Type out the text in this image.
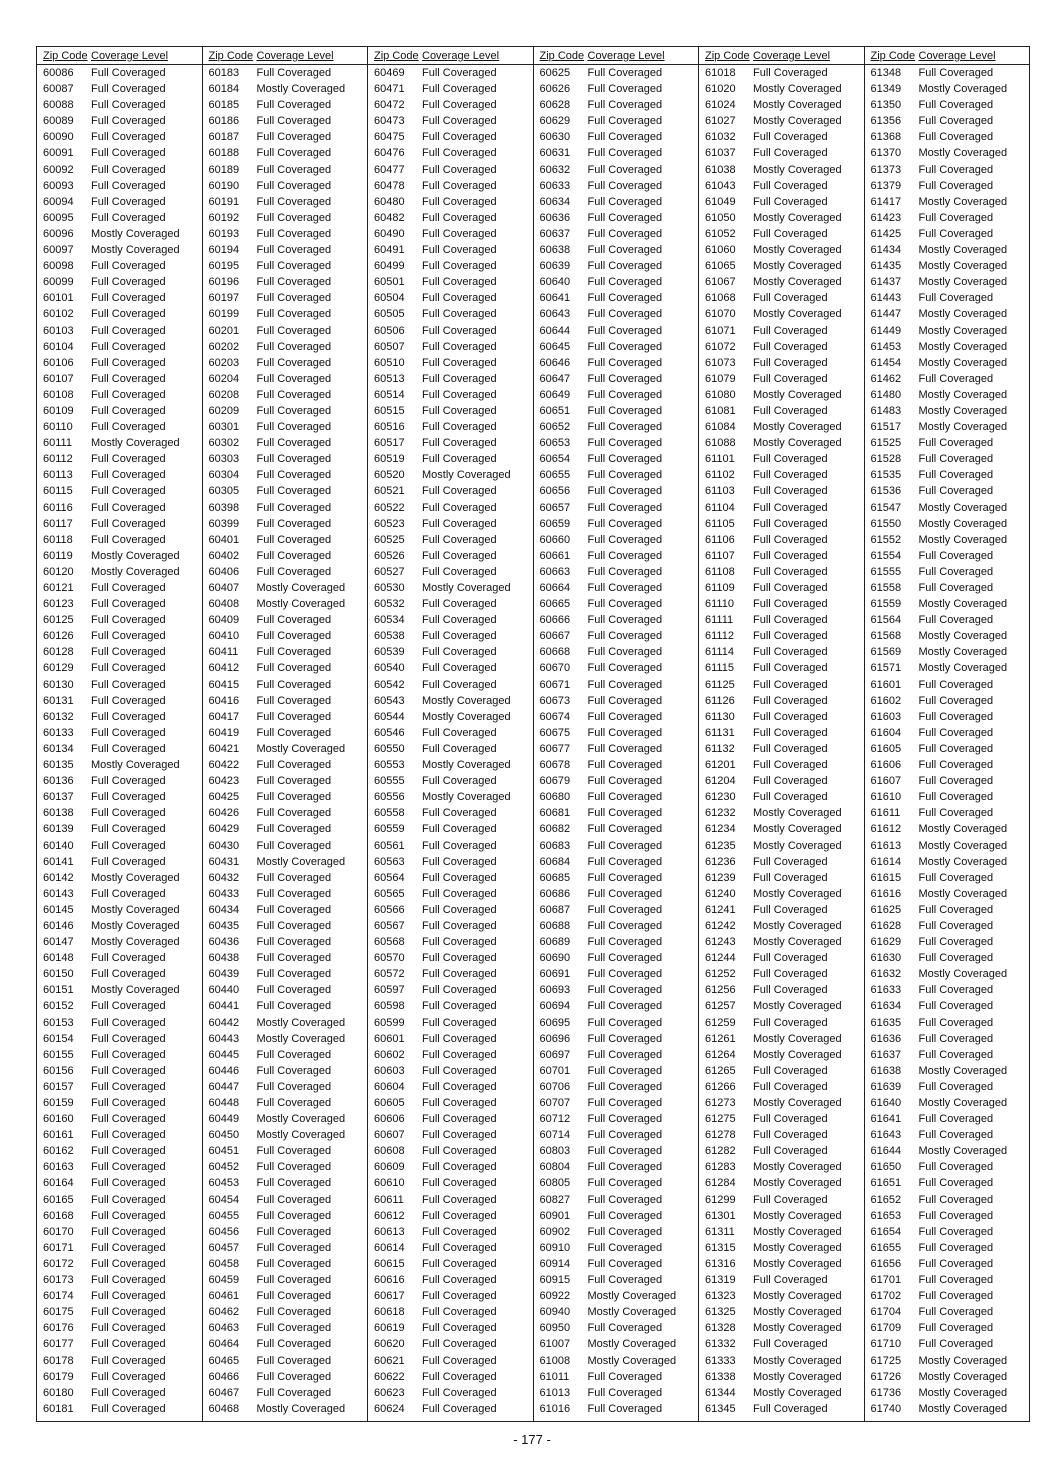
Zip Code Coverage Level
60086	Full Coveraged
60087	Full Coveraged
60088	Full Coveraged
60089	Full Coveraged
60090	Full Coveraged
60091	Full Coveraged
60092	Full Coveraged
60093	Full Coveraged
60094	Full Coveraged
60095	Full Coveraged
60096	Mostly Coveraged
60097	Mostly Coveraged
60098	Full Coveraged
60099	Full Coveraged
60101	Full Coveraged
60102	Full Coveraged
60103	Full Coveraged
60104	Full Coveraged
60106	Full Coveraged
60107	Full Coveraged
60108	Full Coveraged
60109	Full Coveraged
60110	Full Coveraged
60111	Mostly Coveraged
60112	Full Coveraged
60113	Full Coveraged
60115	Full Coveraged
60116	Full Coveraged
60117	Full Coveraged
60118	Full Coveraged
60119	Mostly Coveraged
60120	Mostly Coveraged
60121	Full Coveraged
60123	Full Coveraged
60125	Full Coveraged
60126	Full Coveraged
60128	Full Coveraged
60129	Full Coveraged
60130	Full Coveraged
60131	Full Coveraged
60132	Full Coveraged
60133	Full Coveraged
60134	Full Coveraged
60135	Mostly Coveraged
60136	Full Coveraged
60137	Full Coveraged
60138	Full Coveraged
60139	Full Coveraged
60140	Full Coveraged
60141	Full Coveraged
60142	Mostly Coveraged
60143	Full Coveraged
60145	Mostly Coveraged
60146	Mostly Coveraged
60147	Mostly Coveraged
60148	Full Coveraged
60150	Full Coveraged
60151	Mostly Coveraged
60152	Full Coveraged
60153	Full Coveraged
60154	Full Coveraged
60155	Full Coveraged
60156	Full Coveraged
60157	Full Coveraged
60159	Full Coveraged
60160	Full Coveraged
60161	Full Coveraged
60162	Full Coveraged
60163	Full Coveraged
60164	Full Coveraged
60165	Full Coveraged
60168	Full Coveraged
60170	Full Coveraged
60171	Full Coveraged
60172	Full Coveraged
60173	Full Coveraged
60174	Full Coveraged
60175	Full Coveraged
60176	Full Coveraged
60177	Full Coveraged
60178	Full Coveraged
60179	Full Coveraged
60180	Full Coveraged
60181	Full Coveraged
Zip Code Coverage Level
60183	Full Coveraged
60184	Mostly Coveraged
60185	Full Coveraged
60186	Full Coveraged
60187	Full Coveraged
60188	Full Coveraged
60189	Full Coveraged
60190	Full Coveraged
60191	Full Coveraged
60192	Full Coveraged
60193	Full Coveraged
60194	Full Coveraged
60195	Full Coveraged
60196	Full Coveraged
60197	Full Coveraged
60199	Full Coveraged
60201	Full Coveraged
60202	Full Coveraged
60203	Full Coveraged
60204	Full Coveraged
60208	Full Coveraged
60209	Full Coveraged
60301	Full Coveraged
60302	Full Coveraged
60303	Full Coveraged
60304	Full Coveraged
60305	Full Coveraged
60398	Full Coveraged
60399	Full Coveraged
60401	Full Coveraged
60402	Full Coveraged
60406	Full Coveraged
60407	Mostly Coveraged
60408	Mostly Coveraged
60409	Full Coveraged
60410	Full Coveraged
60411	Full Coveraged
60412	Full Coveraged
60415	Full Coveraged
60416	Full Coveraged
60417	Full Coveraged
60419	Full Coveraged
60421	Mostly Coveraged
60422	Full Coveraged
60423	Full Coveraged
60425	Full Coveraged
60426	Full Coveraged
60429	Full Coveraged
60430	Full Coveraged
60431	Mostly Coveraged
60432	Full Coveraged
60433	Full Coveraged
60434	Full Coveraged
60435	Full Coveraged
60436	Full Coveraged
60438	Full Coveraged
60439	Full Coveraged
60440	Full Coveraged
60441	Full Coveraged
60442	Mostly Coveraged
60443	Mostly Coveraged
60445	Full Coveraged
60446	Full Coveraged
60447	Full Coveraged
60448	Full Coveraged
60449	Mostly Coveraged
60450	Mostly Coveraged
60451	Full Coveraged
60452	Full Coveraged
60453	Full Coveraged
60454	Full Coveraged
60455	Full Coveraged
60456	Full Coveraged
60457	Full Coveraged
60458	Full Coveraged
60459	Full Coveraged
60461	Full Coveraged
60462	Full Coveraged
60463	Full Coveraged
60464	Full Coveraged
60465	Full Coveraged
60466	Full Coveraged
60467	Full Coveraged
60468	Mostly Coveraged
Zip Code Coverage Level
60469	Full Coveraged
60471	Full Coveraged
60472	Full Coveraged
60473	Full Coveraged
60475	Full Coveraged
60476	Full Coveraged
60477	Full Coveraged
60478	Full Coveraged
60480	Full Coveraged
60482	Full Coveraged
60490	Full Coveraged
60491	Full Coveraged
60499	Full Coveraged
60501	Full Coveraged
60504	Full Coveraged
60505	Full Coveraged
60506	Full Coveraged
60507	Full Coveraged
60510	Full Coveraged
60513	Full Coveraged
60514	Full Coveraged
60515	Full Coveraged
60516	Full Coveraged
60517	Full Coveraged
60519	Full Coveraged
60520	Mostly Coveraged
60521	Full Coveraged
60522	Full Coveraged
60523	Full Coveraged
60525	Full Coveraged
60526	Full Coveraged
60527	Full Coveraged
60530	Mostly Coveraged
60532	Full Coveraged
60534	Full Coveraged
60538	Full Coveraged
60539	Full Coveraged
60540	Full Coveraged
60542	Full Coveraged
60543	Mostly Coveraged
60544	Mostly Coveraged
60546	Full Coveraged
60550	Full Coveraged
60553	Mostly Coveraged
60555	Full Coveraged
60556	Mostly Coveraged
60558	Full Coveraged
60559	Full Coveraged
60561	Full Coveraged
60563	Full Coveraged
60564	Full Coveraged
60565	Full Coveraged
60566	Full Coveraged
60567	Full Coveraged
60568	Full Coveraged
60570	Full Coveraged
60572	Full Coveraged
60597	Full Coveraged
60598	Full Coveraged
60599	Full Coveraged
60601	Full Coveraged
60602	Full Coveraged
60603	Full Coveraged
60604	Full Coveraged
60605	Full Coveraged
60606	Full Coveraged
60607	Full Coveraged
60608	Full Coveraged
60609	Full Coveraged
60610	Full Coveraged
60611	Full Coveraged
60612	Full Coveraged
60613	Full Coveraged
60614	Full Coveraged
60615	Full Coveraged
60616	Full Coveraged
60617	Full Coveraged
60618	Full Coveraged
60619	Full Coveraged
60620	Full Coveraged
60621	Full Coveraged
60622	Full Coveraged
60623	Full Coveraged
60624	Full Coveraged
Zip Code Coverage Level
60625	Full Coveraged
60626	Full Coveraged
60628	Full Coveraged
60629	Full Coveraged
60630	Full Coveraged
60631	Full Coveraged
60632	Full Coveraged
60633	Full Coveraged
60634	Full Coveraged
60636	Full Coveraged
60637	Full Coveraged
60638	Full Coveraged
60639	Full Coveraged
60640	Full Coveraged
60641	Full Coveraged
60643	Full Coveraged
60644	Full Coveraged
60645	Full Coveraged
60646	Full Coveraged
60647	Full Coveraged
60649	Full Coveraged
60651	Full Coveraged
60652	Full Coveraged
60653	Full Coveraged
60654	Full Coveraged
60655	Full Coveraged
60656	Full Coveraged
60657	Full Coveraged
60659	Full Coveraged
60660	Full Coveraged
60661	Full Coveraged
60663	Full Coveraged
60664	Full Coveraged
60665	Full Coveraged
60666	Full Coveraged
60667	Full Coveraged
60668	Full Coveraged
60670	Full Coveraged
60671	Full Coveraged
60673	Full Coveraged
60674	Full Coveraged
60675	Full Coveraged
60677	Full Coveraged
60678	Full Coveraged
60679	Full Coveraged
60680	Full Coveraged
60681	Full Coveraged
60682	Full Coveraged
60683	Full Coveraged
60684	Full Coveraged
60685	Full Coveraged
60686	Full Coveraged
60687	Full Coveraged
60688	Full Coveraged
60689	Full Coveraged
60690	Full Coveraged
60691	Full Coveraged
60693	Full Coveraged
60694	Full Coveraged
60695	Full Coveraged
60696	Full Coveraged
60697	Full Coveraged
60701	Full Coveraged
60706	Full Coveraged
60707	Full Coveraged
60712	Full Coveraged
60714	Full Coveraged
60803	Full Coveraged
60804	Full Coveraged
60805	Full Coveraged
60827	Full Coveraged
60901	Full Coveraged
60902	Full Coveraged
60910	Full Coveraged
60914	Full Coveraged
60915	Full Coveraged
60922	Mostly Coveraged
60940	Mostly Coveraged
60950	Full Coveraged
61007	Mostly Coveraged
61008	Mostly Coveraged
61011	Full Coveraged
61013	Full Coveraged
61016	Full Coveraged
Zip Code Coverage Level
61018	Full Coveraged
61020	Mostly Coveraged
61024	Mostly Coveraged
61027	Mostly Coveraged
61032	Full Coveraged
61037	Full Coveraged
61038	Mostly Coveraged
61043	Full Coveraged
61049	Full Coveraged
61050	Mostly Coveraged
61052	Full Coveraged
61060	Mostly Coveraged
61065	Mostly Coveraged
61067	Mostly Coveraged
61068	Full Coveraged
61070	Mostly Coveraged
61071	Full Coveraged
61072	Full Coveraged
61073	Full Coveraged
61079	Full Coveraged
61080	Mostly Coveraged
61081	Full Coveraged
61084	Mostly Coveraged
61088	Mostly Coveraged
61101	Full Coveraged
61102	Full Coveraged
61103	Full Coveraged
61104	Full Coveraged
61105	Full Coveraged
61106	Full Coveraged
61107	Full Coveraged
61108	Full Coveraged
61109	Full Coveraged
61110	Full Coveraged
61111	Full Coveraged
61112	Full Coveraged
61114	Full Coveraged
61115	Full Coveraged
61125	Full Coveraged
61126	Full Coveraged
61130	Full Coveraged
61131	Full Coveraged
61132	Full Coveraged
61201	Full Coveraged
61204	Full Coveraged
61230	Full Coveraged
61232	Mostly Coveraged
61234	Mostly Coveraged
61235	Mostly Coveraged
61236	Full Coveraged
61239	Full Coveraged
61240	Mostly Coveraged
61241	Full Coveraged
61242	Mostly Coveraged
61243	Mostly Coveraged
61244	Full Coveraged
61252	Full Coveraged
61256	Full Coveraged
61257	Mostly Coveraged
61259	Full Coveraged
61261	Mostly Coveraged
61264	Mostly Coveraged
61265	Full Coveraged
61266	Full Coveraged
61273	Mostly Coveraged
61275	Full Coveraged
61278	Full Coveraged
61282	Full Coveraged
61283	Mostly Coveraged
61284	Mostly Coveraged
61299	Full Coveraged
61301	Mostly Coveraged
61311	Mostly Coveraged
61315	Mostly Coveraged
61316	Mostly Coveraged
61319	Full Coveraged
61323	Mostly Coveraged
61325	Mostly Coveraged
61328	Mostly Coveraged
61332	Full Coveraged
61333	Mostly Coveraged
61338	Mostly Coveraged
61344	Mostly Coveraged
61345	Full Coveraged
Zip Code Coverage Level
61348	Full Coveraged
61349	Mostly Coveraged
61350	Full Coveraged
61356	Full Coveraged
61368	Full Coveraged
61370	Mostly Coveraged
61373	Full Coveraged
61379	Full Coveraged
61417	Mostly Coveraged
61423	Full Coveraged
61425	Full Coveraged
61434	Mostly Coveraged
61435	Mostly Coveraged
61437	Mostly Coveraged
61443	Full Coveraged
61447	Mostly Coveraged
61449	Mostly Coveraged
61453	Mostly Coveraged
61454	Mostly Coveraged
61462	Full Coveraged
61480	Mostly Coveraged
61483	Mostly Coveraged
61517	Mostly Coveraged
61525	Full Coveraged
61528	Full Coveraged
61535	Full Coveraged
61536	Full Coveraged
61547	Mostly Coveraged
61550	Mostly Coveraged
61552	Mostly Coveraged
61554	Full Coveraged
61555	Full Coveraged
61558	Full Coveraged
61559	Mostly Coveraged
61564	Full Coveraged
61568	Mostly Coveraged
61569	Mostly Coveraged
61571	Mostly Coveraged
61601	Full Coveraged
61602	Full Coveraged
61603	Full Coveraged
61604	Full Coveraged
61605	Full Coveraged
61606	Full Coveraged
61607	Full Coveraged
61610	Full Coveraged
61611	Full Coveraged
61612	Mostly Coveraged
61613	Mostly Coveraged
61614	Mostly Coveraged
61615	Full Coveraged
61616	Mostly Coveraged
61625	Full Coveraged
61628	Full Coveraged
61629	Full Coveraged
61630	Full Coveraged
61632	Mostly Coveraged
61633	Full Coveraged
61634	Full Coveraged
61635	Full Coveraged
61636	Full Coveraged
61637	Full Coveraged
61638	Mostly Coveraged
61639	Full Coveraged
61640	Mostly Coveraged
61641	Full Coveraged
61643	Full Coveraged
61644	Mostly Coveraged
61650	Full Coveraged
61651	Full Coveraged
61652	Full Coveraged
61653	Full Coveraged
61654	Full Coveraged
61655	Full Coveraged
61656	Full Coveraged
61701	Full Coveraged
61702	Full Coveraged
61704	Full Coveraged
61709	Full Coveraged
61710	Full Coveraged
61725	Mostly Coveraged
61726	Mostly Coveraged
61736	Mostly Coveraged
61740	Mostly Coveraged
- 177 -
